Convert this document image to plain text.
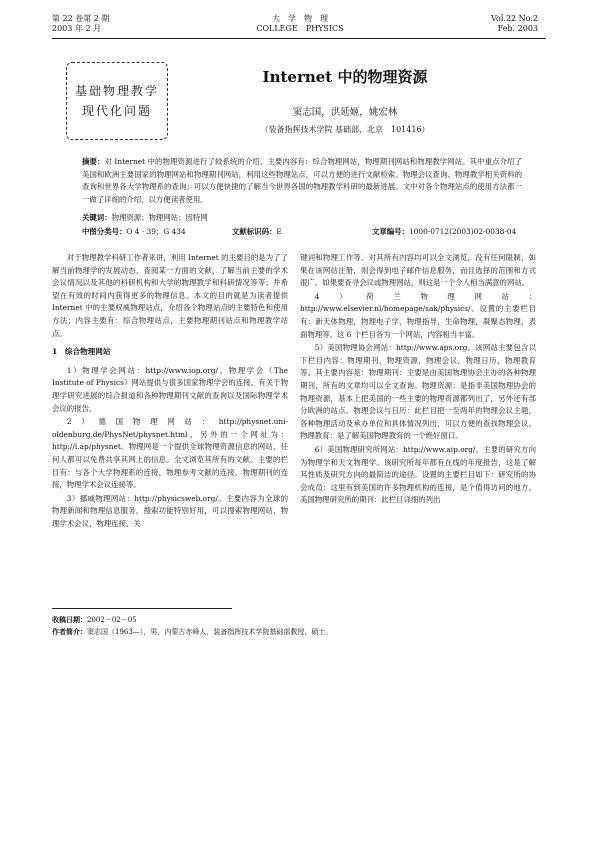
第 22 卷第 2 期
2003 年 2 月
大　学　物　理
COLLEGE　PHYSICS
Vol.22 No.2
Feb. 2003
基础物理教学
现代化问题
Internet 中的物理资源
窦志国，洪延姬，姚宏林
（装备指挥技术学院 基础部，北京　101416）
摘要：对 Internet 中的物理资源进行了较系统的介绍，主要内容有：综合物理网站，物理期刊网站和物理教学网站。其中重点介绍了美国和欧洲主要国家的物理网站和物理期刊网站，利用这些物理站点，可以方便的进行文献检索、物理会议查询、物理教学相关资料的查询和世界各大学物理系的查询；可以方便快捷的了解当今世界各国的物理教学科研的最新进展。文中对各个物理站点的使用方法都一一做了详细的介绍，以方便读者使用。
关键词：物理资源；物理网站；因特网
中图分类号：O 4 · 39；G 434	文献标识码：E	文章编号：1000-0712(2003)02-0038-04

对于物理教学科研工作者来讲，利用 Internet 的主要目的是为了了解当前物理学的发展动态，查阅某一方面的文献，了解当前主要的学术会议情况以及其他的科研机构和大学的物理教学和科研情况等等；并希望在有效的时间内获得更多的物理信息。本文的目的就是为读者提供 Internet 中的主要权威物理站点，介绍各个物理站点的主要特色和使用方法；内容主要有：综合物理站点，主要物理期刊站点和物理教学站点。

1　综合物理网站

1）物理学会网站：http://www.iop.org/。物理学会（The Institute of Physics）网站提供与很多国家物理学会的连接，有关于物理学研究进展的综合报道和各种物理期刊文献的查询以及国际物理学术会议的报告。

2）德国物理网站：http://physnet.uni-oldenburg.de/PhysNet/physnet.html，另外的一个网址为：http://i.ap/physnet。物理网是一个提供全球物理资源信息的网站，任何人都可以免费共享其网上的信息。全文浏览其所有的文献。主要的栏目有：与各个大学物理系的连接，物理参考文献的连接，物理期刊的连接，物理学术会议连接等。

3）挪威物理网站：http://physicsweb.org/。主要内容为全球的物理新闻和物理信息服务，搜索功能特别好用，可以搜索物理网站、物理学术会议、物理连接、关

键词和物理工作等。对其所有内容均可以全文浏览，没有任何限制，如果在该网站注册，则会得到电子邮件信息服务，而且选择的范围和方式很广。如果要查寻会议或物理网站，则这是一个令人相当满意的网站。

4）荷兰物理网站：http://www.elsevier.nl/homepage/sak/physics/。设置的主要栏目有：新天体物理，物理电子学，物理指导，生命物理，凝聚态物理，表面物理等。这 6 个栏目各为一个网站，内容相当丰富。

5）美国物理协会网站：http://www.aps.org。该网站主要包含以下栏目内容：物理期刊，物理资源，物理会议，物理日历，物理教育等。其主要内容是：物理期刊：主要是由美国物理协会主办的各种物理期刊，所有的文章均可以全文查询。物理资源：是指非美国物理协会的物理资源，基本上把美国的一些主要的物理资源都列出了，另外还有部分欧洲的站点。物理会议与日历：此栏目把一至两年的物理会议主题，各种物理活动及承办单位和具体情况列出，可以方便的查找物理会议。物理教育：是了解美国物理教育的一个绝好窗口。

6）美国物理研究所网站：http://www.aip.org/。主要的研究方向为物理学和天文物理学。该研究所每年都有在线的年度报告，这是了解其性质及研究方向的最简洁的途径。设置的主要栏目如下：研究所的协会成员：这里有到美国的许多物理机构的连接，是个值得访问的地方。美国物理研究所的期刊：此栏目详细的列出

收稿日期：2002－02－05
作者简介：窦志国（1963—），男，内蒙古赤峰人，装备指挥技术学院基础部教授，硕士。
